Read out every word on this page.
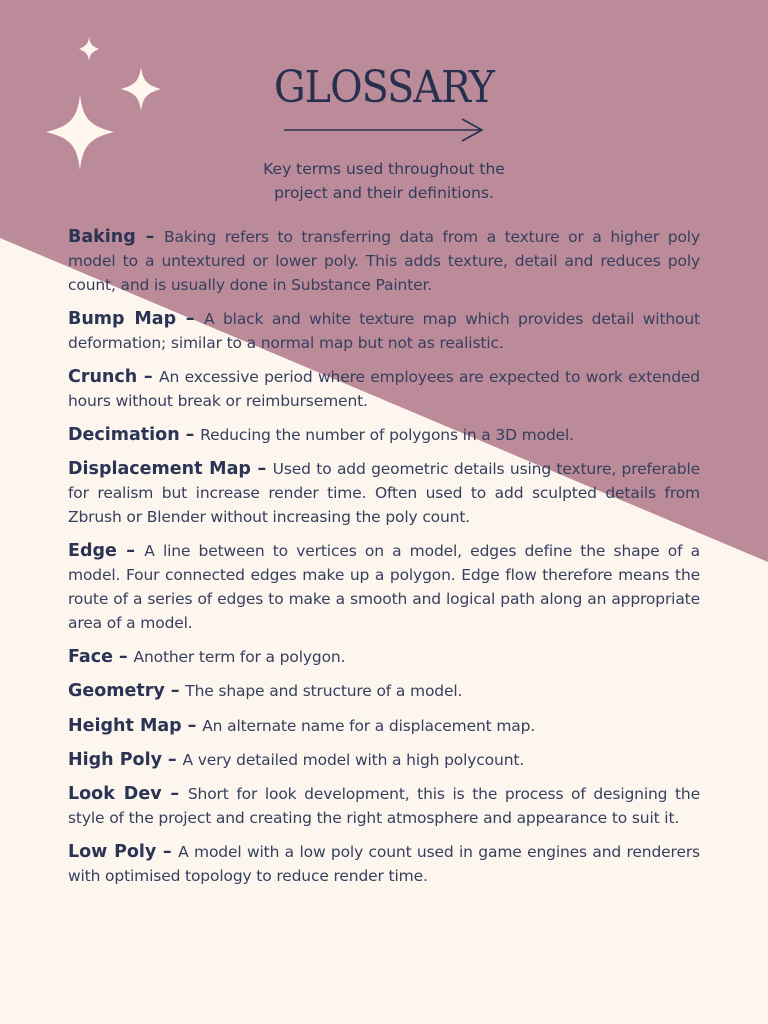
GLOSSARY

Key terms used throughout the project and their definitions.

Baking – Baking refers to transferring data from a texture or a higher poly model to a untextured or lower poly. This adds texture, detail and reduces poly count, and is usually done in Substance Painter.

Bump Map – A black and white texture map which provides detail without deformation; similar to a normal map but not as realistic.

Crunch – An excessive period where employees are expected to work extended hours without break or reimbursement.

Decimation – Reducing the number of polygons in a 3D model.

Displacement Map – Used to add geometric details using texture, preferable for realism but increase render time. Often used to add sculpted details from Zbrush or Blender without increasing the poly count.

Edge – A line between to vertices on a model, edges define the shape of a model. Four connected edges make up a polygon. Edge flow therefore means the route of a series of edges to make a smooth and logical path along an appropriate area of a model.

Face – Another term for a polygon.

Geometry – The shape and structure of a model.

Height Map – An alternate name for a displacement map.

High Poly – A very detailed model with a high polycount.

Look Dev – Short for look development, this is the process of designing the style of the project and creating the right atmosphere and appearance to suit it.

Low Poly – A model with a low poly count used in game engines and renderers with optimised topology to reduce render time.
